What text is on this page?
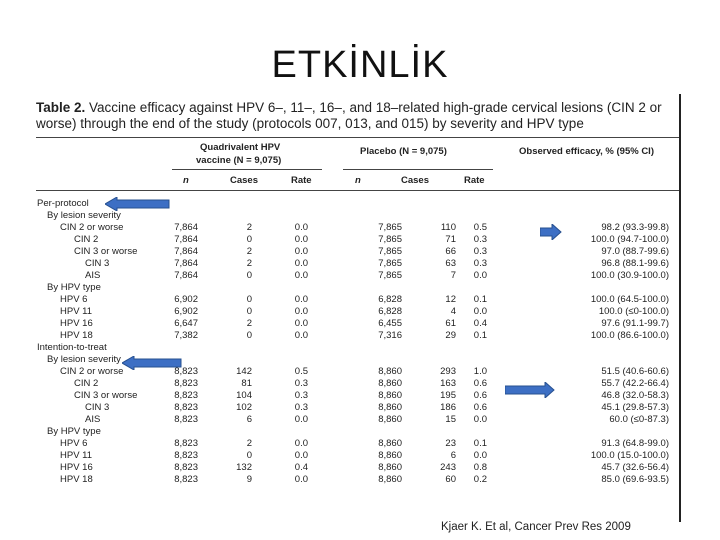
ETKİNLİK
Table 2. Vaccine efficacy against HPV 6–, 11–, 16–, and 18–related high-grade cervical lesions (CIN 2 or worse) through the end of the study (protocols 007, 013, and 015) by severity and HPV type
Quadrivalent HPV
vaccine (N = 9,075)
Placebo (N = 9,075)	Observed efficacy, % (95% CI)
n	Cases	Rate	n	Cases	Rate
Per-protocol
By lesion severity
CIN 2 or worse	7,864	2	0.0	7,865	110 0.5	98.2 (93.3-99.8)
CIN 2	7,864	0	0.0	7,865	71 0.3	100.0 (94.7-100.0)
CIN 3 or worse	7,864	2	0.0	7,865	66 0.3	97.0 (88.7-99.6)
CIN 3	7,864	2	0.0	7,865	63 0.3	96.8 (88.1-99.6)
AIS	7,864	0	0.0	7,865	7 0.0	100.0 (30.9-100.0)
By HPV type
HPV 6	6,902	0	0.0	6,828	12 0.1	100.0 (64.5-100.0)
HPV 11	6,902	0	0.0	6,828	4 0.0	100.0 (≤0-100.0)
HPV 16	6,647	2	0.0	6,455	61 0.4	97.6 (91.1-99.7)
HPV 18	7,382	0	0.0	7,316	29 0.1	100.0 (86.6-100.0)
Intention-to-treat
By lesion severity
CIN 2 or worse	8,823	142	0.5	8,860	293 1.0	51.5 (40.6-60.6)
CIN 2	8,823	81	0.3	8,860	163 0.6	55.7 (42.2-66.4)
CIN 3 or worse	8,823	104	0.3	8,860	195 0.6	46.8 (32.0-58.3)
CIN 3	8,823	102	0.3	8,860	186 0.6	45.1 (29.8-57.3)
AIS	8,823	6	0.0	8,860	15 0.0	60.0 (≤0-87.3)
By HPV type
HPV 6	8,823	2	0.0	8,860	23 0.1	91.3 (64.8-99.0)
HPV 11	8,823	0	0.0	8,860	6 0.0	100.0 (15.0-100.0)
HPV 16	8,823	132	0.4	8,860	243 0.8	45.7 (32.6-56.4)
HPV 18	8,823	9	0.0	8,860	60 0.2	85.0 (69.6-93.5)
Kjaer K. Et al, Cancer Prev Res 2009
